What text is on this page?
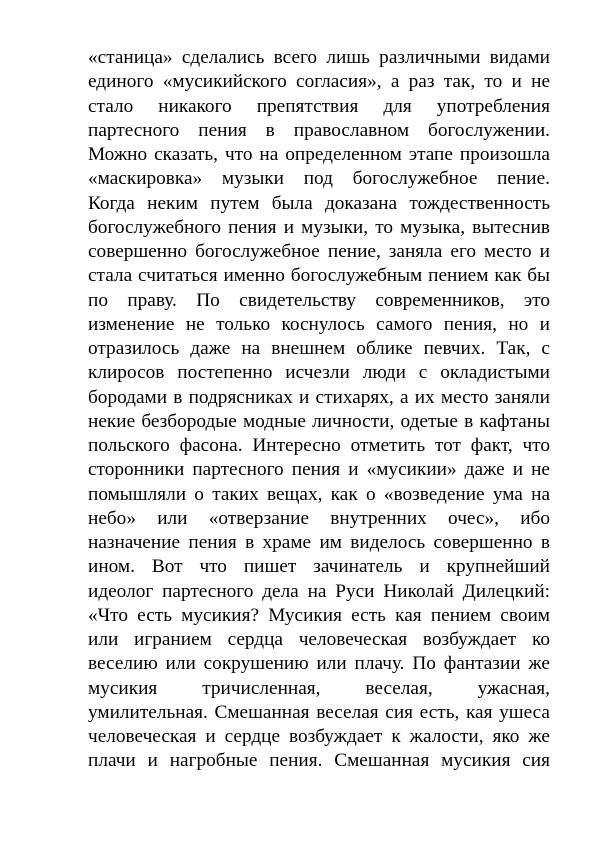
«станица» сделались всего лишь различными видами
единого «мусикийского согласия», а раз так, то и не
стало никакого препятствия для употребления
партесного пения в православном богослужении.
Можно сказать, что на определенном этапе произошла
«маскировка» музыки под богослужебное пение.
Когда неким путем была доказана тождественность
богослужебного пения и музыки, то музыка, вытеснив
совершенно богослужебное пение, заняла его место и
стала считаться именно богослужебным пением как бы
по праву. По свидетельству современников, это
изменение не только коснулось самого пения, но и
отразилось даже на внешнем облике певчих. Так, с
клиросов постепенно исчезли люди с окладистыми
бородами в подрясниках и стихарях, а их место заняли
некие безбородые модные личности, одетые в кафтаны
польского фасона. Интересно отметить тот факт, что
сторонники партесного пения и «мусикии» даже и не
помышляли о таких вещах, как о «возведение ума на
небо» или «отверзание внутренних очес», ибо
назначение пения в храме им виделось совершенно в
ином. Вот что пишет зачинатель и крупнейший
идеолог партесного дела на Руси Николай Дилецкий:
«Что есть мусикия? Мусикия есть кая пением своим
или игранием сердца человеческая возбуждает ко
веселию или сокрушению или плачу. По фантазии же
мусикия тричисленная, веселая, ужасная,
умилительная. Смешанная веселая сия есть, кая ушеса
человеческая и сердце возбуждает к жалости, яко же
плачи и нагробные пения. Смешанная мусикия сия
